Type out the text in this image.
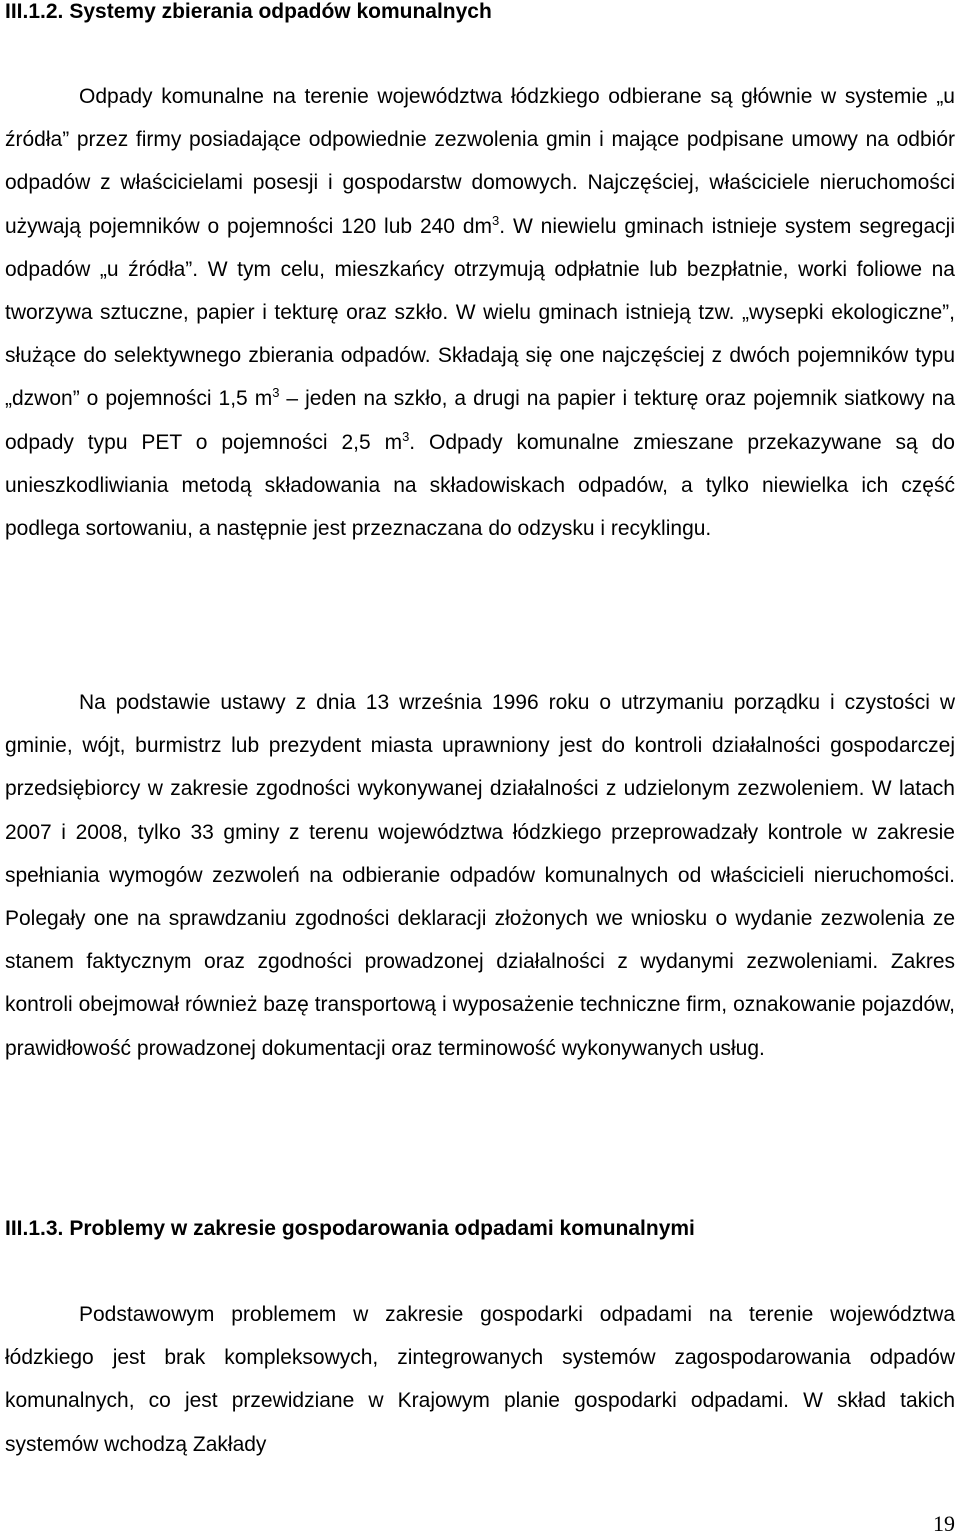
III.1.2. Systemy zbierania odpadów komunalnych

Odpady komunalne na terenie województwa łódzkiego odbierane są głównie w systemie „u źródła” przez firmy posiadające odpowiednie zezwolenia gmin i mające podpisane umowy na odbiór odpadów z właścicielami posesji i gospodarstw domowych. Najczęściej, właściciele nieruchomości używają pojemników o pojemności 120 lub 240 $dm^3$. W niewielu gminach istnieje system segregacji odpadów „u źródła”. W tym celu, mieszkańcy otrzymują odpłatnie lub bezpłatnie, worki foliowe na tworzywa sztuczne, papier i tekturę oraz szkło. W wielu gminach istnieją tzw. „wysepki ekologiczne”, służące do selektywnego zbierania odpadów. Składają się one najczęściej z dwóch pojemników typu „dzwon” o pojemności 1,5 $m^3$ – jeden na szkło, a drugi na papier i tekturę oraz pojemnik siatkowy na odpady typu PET o pojemności 2,5 $m^3$. Odpady komunalne zmieszane przekazywane są do unieszkodliwiania metodą składowania na składowiskach odpadów, a tylko niewielka ich część podlega sortowaniu, a następnie jest przeznaczana do odzysku i recyklingu.

Na podstawie ustawy z dnia 13 września 1996 roku o utrzymaniu porządku i czystości w gminie, wójt, burmistrz lub prezydent miasta uprawniony jest do kontroli działalności gospodarczej przedsiębiorcy w zakresie zgodności wykonywanej działalności z udzielonym zezwoleniem. W latach 2007 i 2008, tylko 33 gminy z terenu województwa łódzkiego przeprowadzały kontrole w zakresie spełniania wymogów zezwoleń na odbieranie odpadów komunalnych od właścicieli nieruchomości. Polegały one na sprawdzaniu zgodności deklaracji złożonych we wniosku o wydanie zezwolenia ze stanem faktycznym oraz zgodności prowadzonej działalności z wydanymi zezwoleniami. Zakres kontroli obejmował również bazę transportową i wyposażenie techniczne firm, oznakowanie pojazdów, prawidłowość prowadzonej dokumentacji oraz terminowość wykonywanych usług.

III.1.3. Problemy w zakresie gospodarowania odpadami komunalnymi

Podstawowym problemem w zakresie gospodarki odpadami na terenie województwa łódzkiego jest brak kompleksowych, zintegrowanych systemów zagospodarowania odpadów komunalnych, co jest przewidziane w Krajowym planie gospodarki odpadami. W skład takich systemów wchodzą Zakłady

19
